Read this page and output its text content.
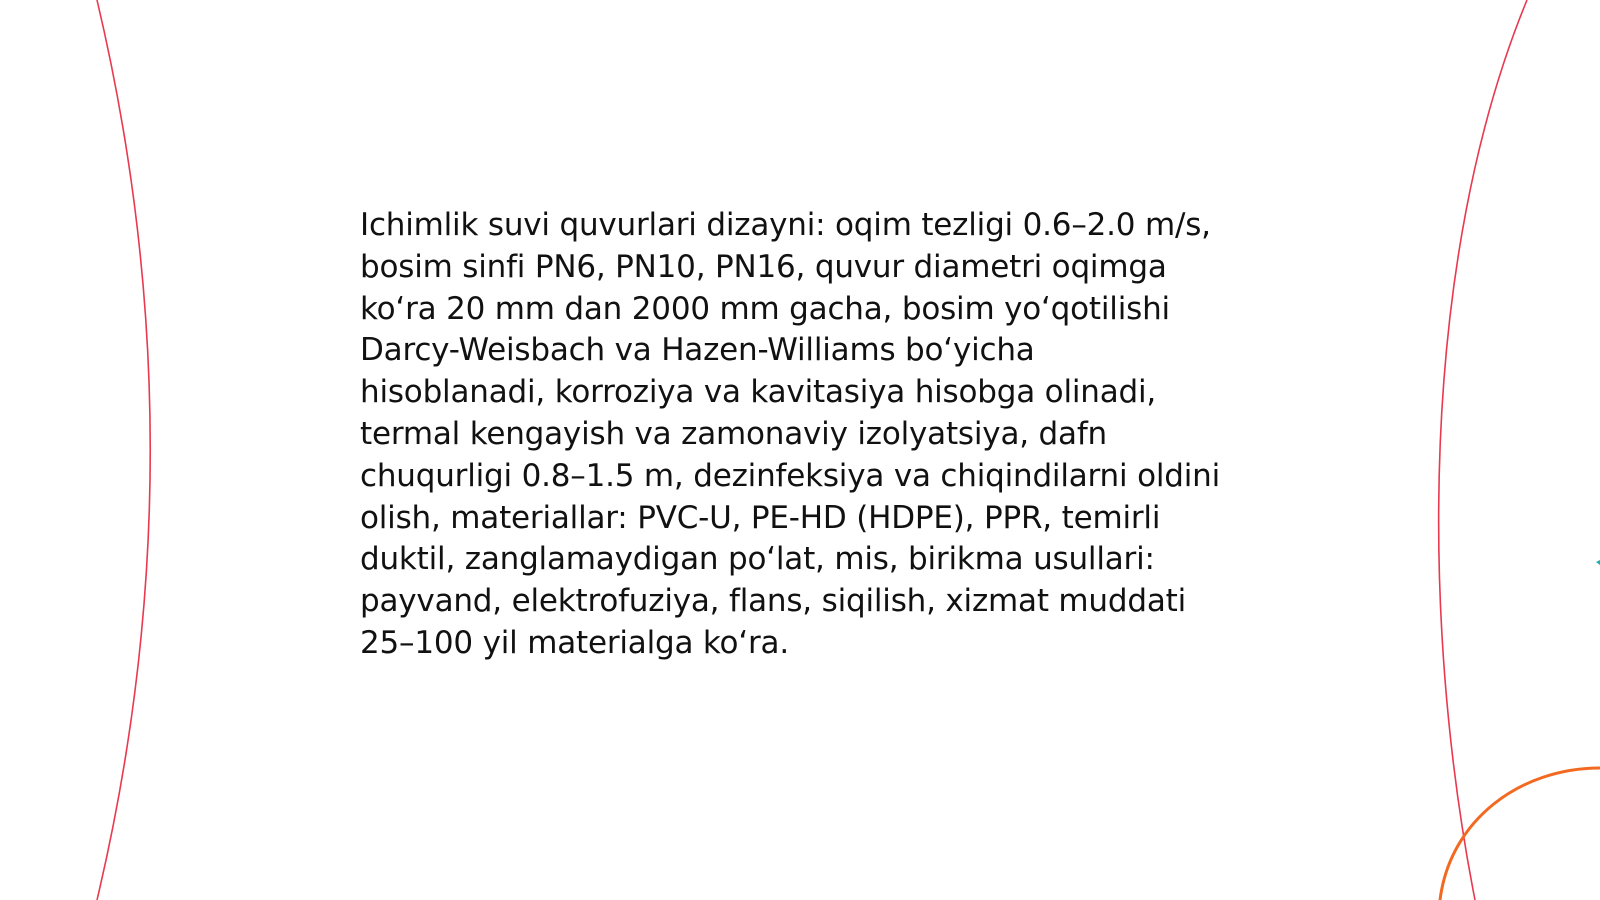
Ichimlik suvi quvurlari dizayni: oqim tezligi 0.6–2.0 m/s, bosim sinfi PN6, PN10, PN16, quvur diametri oqimga ko‘ra 20 mm dan 2000 mm gacha, bosim yo‘qotilishi Darcy-Weisbach va Hazen-Williams bo‘yicha hisoblanadi, korroziya va kavitasiya hisobga olinadi, termal kengayish va zamonaviy izolyatsiya, dafn chuqurligi 0.8–1.5 m, dezinfeksiya va chiqindilarni oldini olish, materiallar: PVC-U, PE-HD (HDPE), PPR, temirli duktil, zanglamaydigan po‘lat, mis, birikma usullari: payvand, elektrofuziya, flans, siqilish, xizmat muddati 25–100 yil materialga ko‘ra.
